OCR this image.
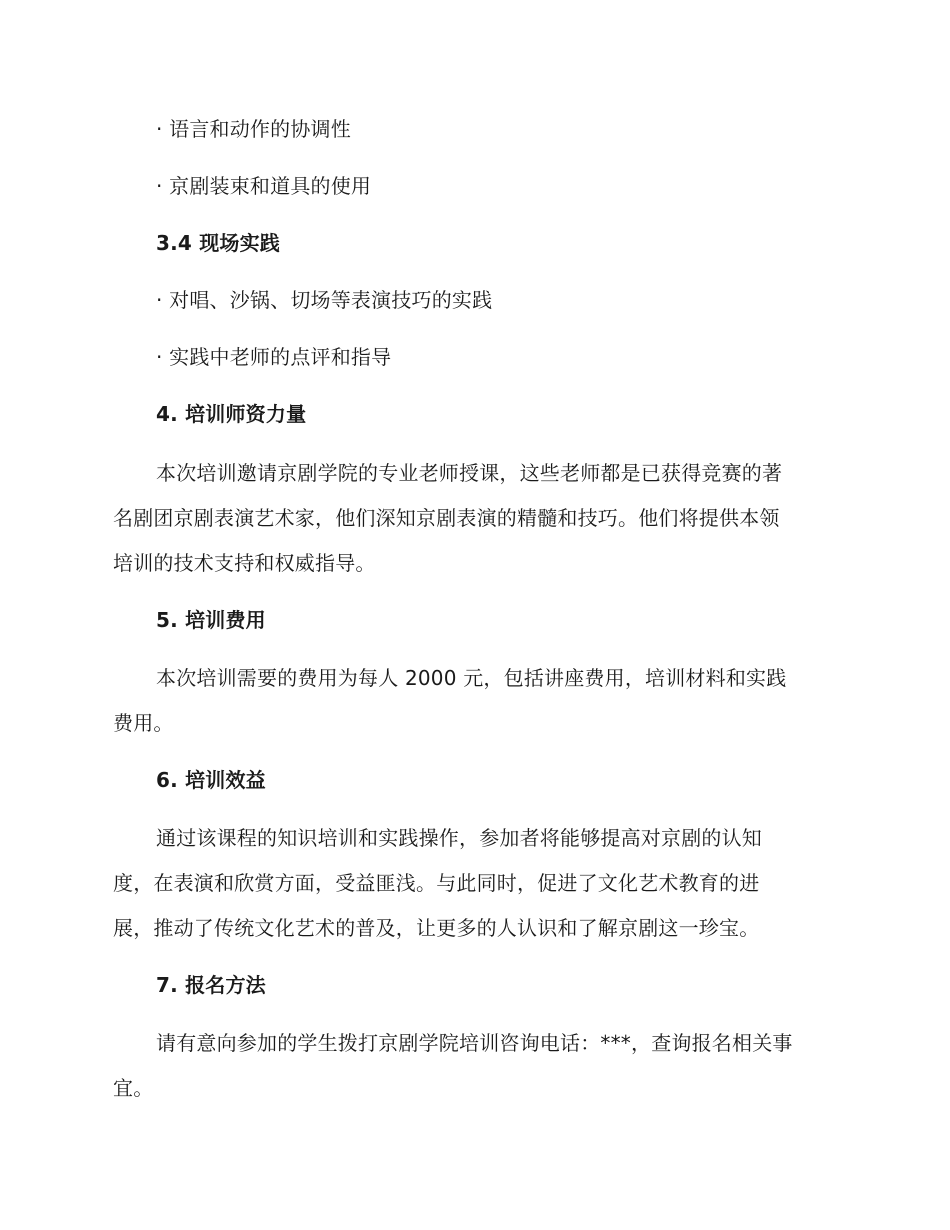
· 语言和动作的协调性
· 京剧装束和道具的使用
3.4 现场实践
· 对唱、沙锅、切场等表演技巧的实践
· 实践中老师的点评和指导
4. 培训师资力量
本次培训邀请京剧学院的专业老师授课，这些老师都是已获得竞赛的著
名剧团京剧表演艺术家，他们深知京剧表演的精髓和技巧。他们将提供本领
培训的技术支持和权威指导。
5. 培训费用
本次培训需要的费用为每人 2000 元，包括讲座费用，培训材料和实践
费用。
6. 培训效益
通过该课程的知识培训和实践操作，参加者将能够提高对京剧的认知
度，在表演和欣赏方面，受益匪浅。与此同时，促进了文化艺术教育的进
展，推动了传统文化艺术的普及，让更多的人认识和了解京剧这一珍宝。
7. 报名方法
请有意向参加的学生拨打京剧学院培训咨询电话：***，查询报名相关事
宜。
